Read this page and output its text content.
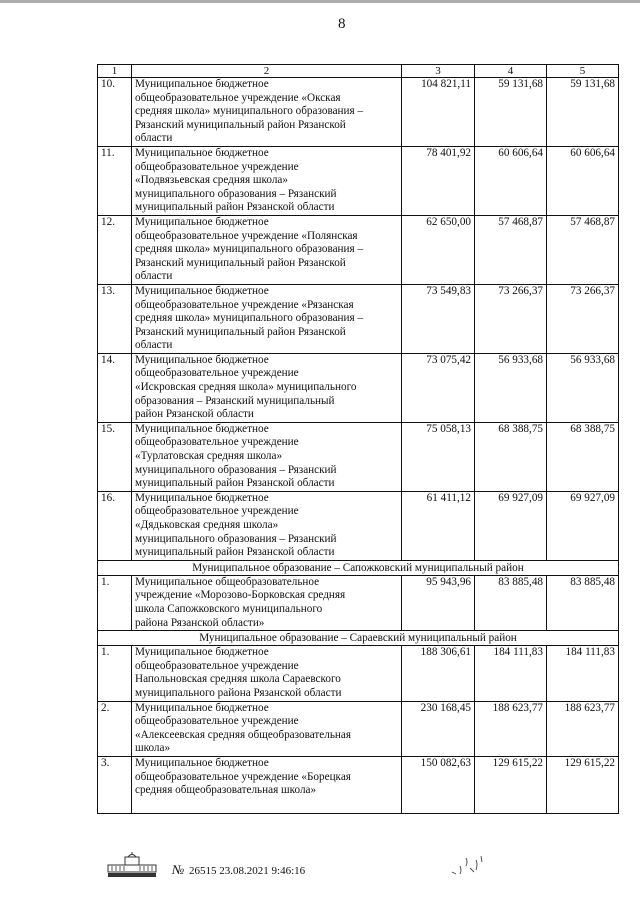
8
1	2	3	4	5
10.	Муниципальное бюджетное
общеобразовательное учреждение «Окская
средняя школа» муниципального образования –
Рязанский муниципальный район Рязанской
области	104 821,11	59 131,68	59 131,68
11.	Муниципальное бюджетное
общеобразовательное учреждение
«Подвязьевская средняя школа»
муниципального образования – Рязанский
муниципальный район Рязанской области	78 401,92	60 606,64	60 606,64
12.	Муниципальное бюджетное
общеобразовательное учреждение «Полянская
средняя школа» муниципального образования –
Рязанский муниципальный район Рязанской
области	62 650,00	57 468,87	57 468,87
13.	Муниципальное бюджетное
общеобразовательное учреждение «Рязанская
средняя школа» муниципального образования –
Рязанский муниципальный район Рязанской
области	73 549,83	73 266,37	73 266,37
14.	Муниципальное бюджетное
общеобразовательное учреждение
«Искровская средняя школа» муниципального
образования – Рязанский муниципальный
район Рязанской области	73 075,42	56 933,68	56 933,68
15.	Муниципальное бюджетное
общеобразовательное учреждение
«Турлатовская средняя школа»
муниципального образования – Рязанский
муниципальный район Рязанской области	75 058,13	68 388,75	68 388,75
16.	Муниципальное бюджетное
общеобразовательное учреждение
«Дядьковская средняя школа»
муниципального образования – Рязанский
муниципальный район Рязанской области	61 411,12	69 927,09	69 927,09
Муниципальное образование – Сапожковский муниципальный район				
1.	Муниципальное общеобразовательное
учреждение «Морозово-Борковская средняя
школа Сапожковского муниципального
района Рязанской области»	95 943,96	83 885,48	83 885,48
Муниципальное образование – Сараевский муниципальный район				
1.	Муниципальное бюджетное
общеобразовательное учреждение
Напольновская средняя школа Сараевского
муниципального района Рязанской области	188 306,61	184 111,83	184 111,83
2.	Муниципальное бюджетное
общеобразовательное учреждение
«Алексеевская средняя общеобразовательная
школа»	230 168,45	188 623,77	188 623,77
3.	Муниципальное бюджетное
общеобразовательное учреждение «Борецкая
средняя общеобразовательная школа»	150 082,63	129 615,22	129 615,22
№ 26515 23.08.2021 9:46:16
